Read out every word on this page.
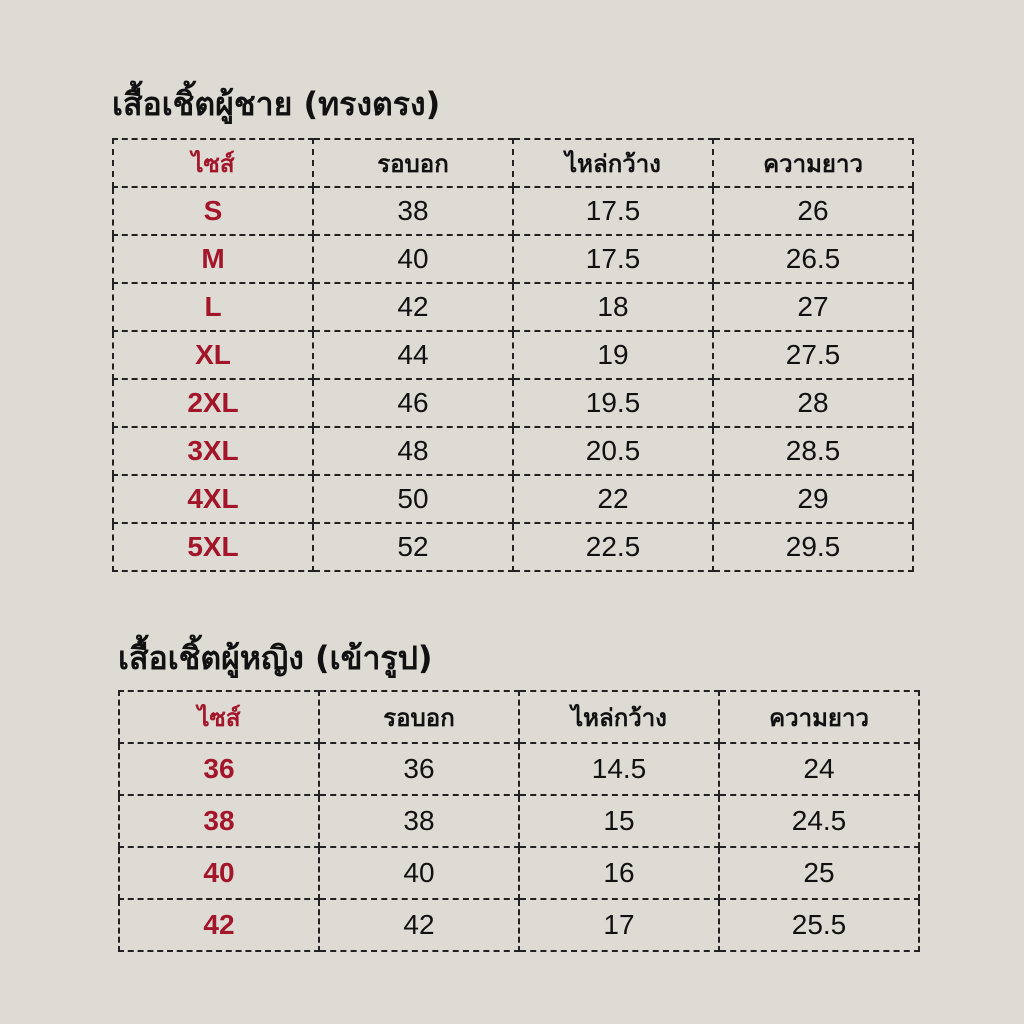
เสื้อเชิ้ตผู้ชาย (ทรงตรง)
ไซส์	รอบอก	ไหล่กว้าง	ความยาว
S	38	17.5	26
M	40	17.5	26.5
L	42	18	27
XL	44	19	27.5
2XL	46	19.5	28
3XL	48	20.5	28.5
4XL	50	22	29
5XL	52	22.5	29.5
เสื้อเชิ้ตผู้หญิง (เข้ารูป)
ไซส์	รอบอก	ไหล่กว้าง	ความยาว
36	36	14.5	24
38	38	15	24.5
40	40	16	25
42	42	17	25.5
